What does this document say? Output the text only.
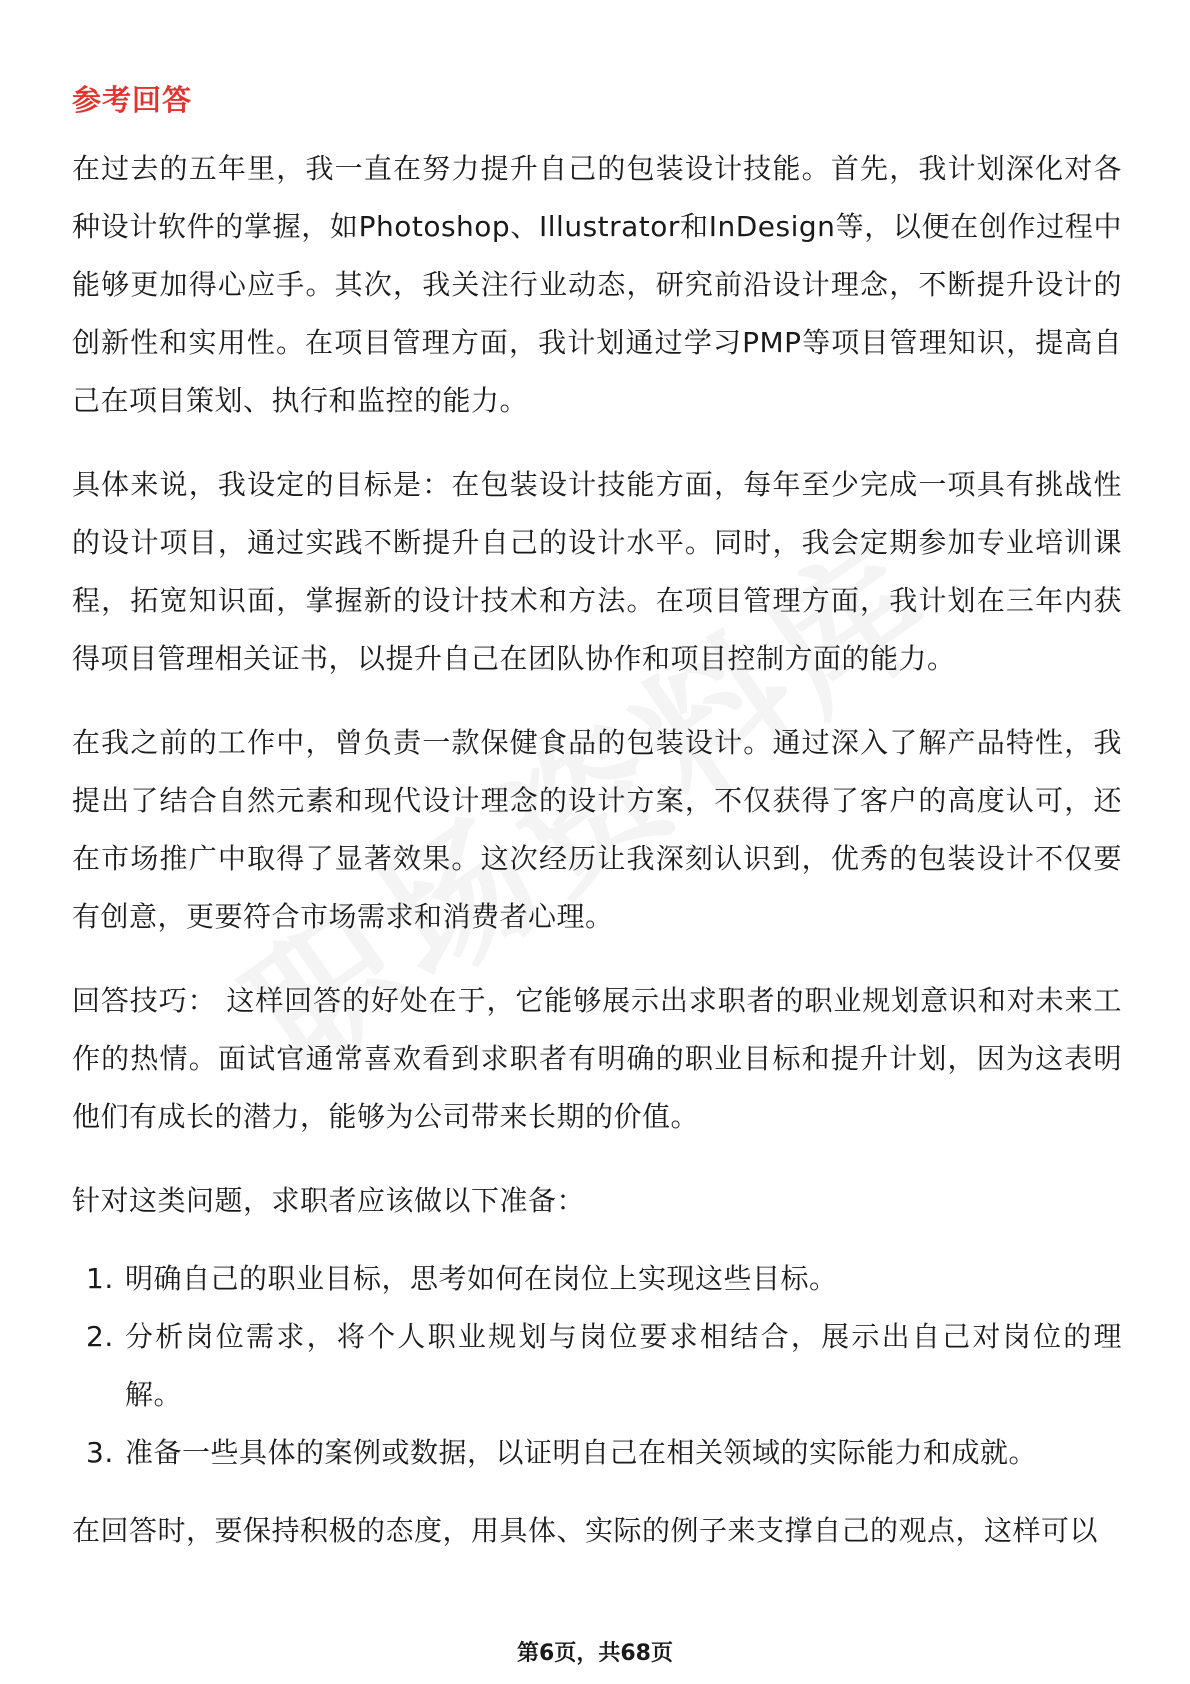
参考回答

在过去的五年里，我一直在努力提升自己的包装设计技能。首先，我计划深化对各种设计软件的掌握，如Photoshop、Illustrator和InDesign等，以便在创作过程中能够更加得心应手。其次，我关注行业动态，研究前沿设计理念，不断提升设计的创新性和实用性。在项目管理方面，我计划通过学习PMP等项目管理知识，提高自己在项目策划、执行和监控的能力。

具体来说，我设定的目标是：在包装设计技能方面，每年至少完成一项具有挑战性的设计项目，通过实践不断提升自己的设计水平。同时，我会定期参加专业培训课程，拓宽知识面，掌握新的设计技术和方法。在项目管理方面，我计划在三年内获得项目管理相关证书，以提升自己在团队协作和项目控制方面的能力。

在我之前的工作中，曾负责一款保健食品的包装设计。通过深入了解产品特性，我提出了结合自然元素和现代设计理念的设计方案，不仅获得了客户的高度认可，还在市场推广中取得了显著效果。这次经历让我深刻认识到，优秀的包装设计不仅要有创意，更要符合市场需求和消费者心理。

回答技巧： 这样回答的好处在于，它能够展示出求职者的职业规划意识和对未来工作的热情。面试官通常喜欢看到求职者有明确的职业目标和提升计划，因为这表明他们有成长的潜力，能够为公司带来长期的价值。

针对这类问题，求职者应该做以下准备：

1. 明确自己的职业目标，思考如何在岗位上实现这些目标。
2. 分析岗位需求，将个人职业规划与岗位要求相结合，展示出自己对岗位的理解。
3. 准备一些具体的案例或数据，以证明自己在相关领域的实际能力和成就。

在回答时，要保持积极的态度，用具体、实际的例子来支撑自己的观点，这样可以

第6页，共68页
